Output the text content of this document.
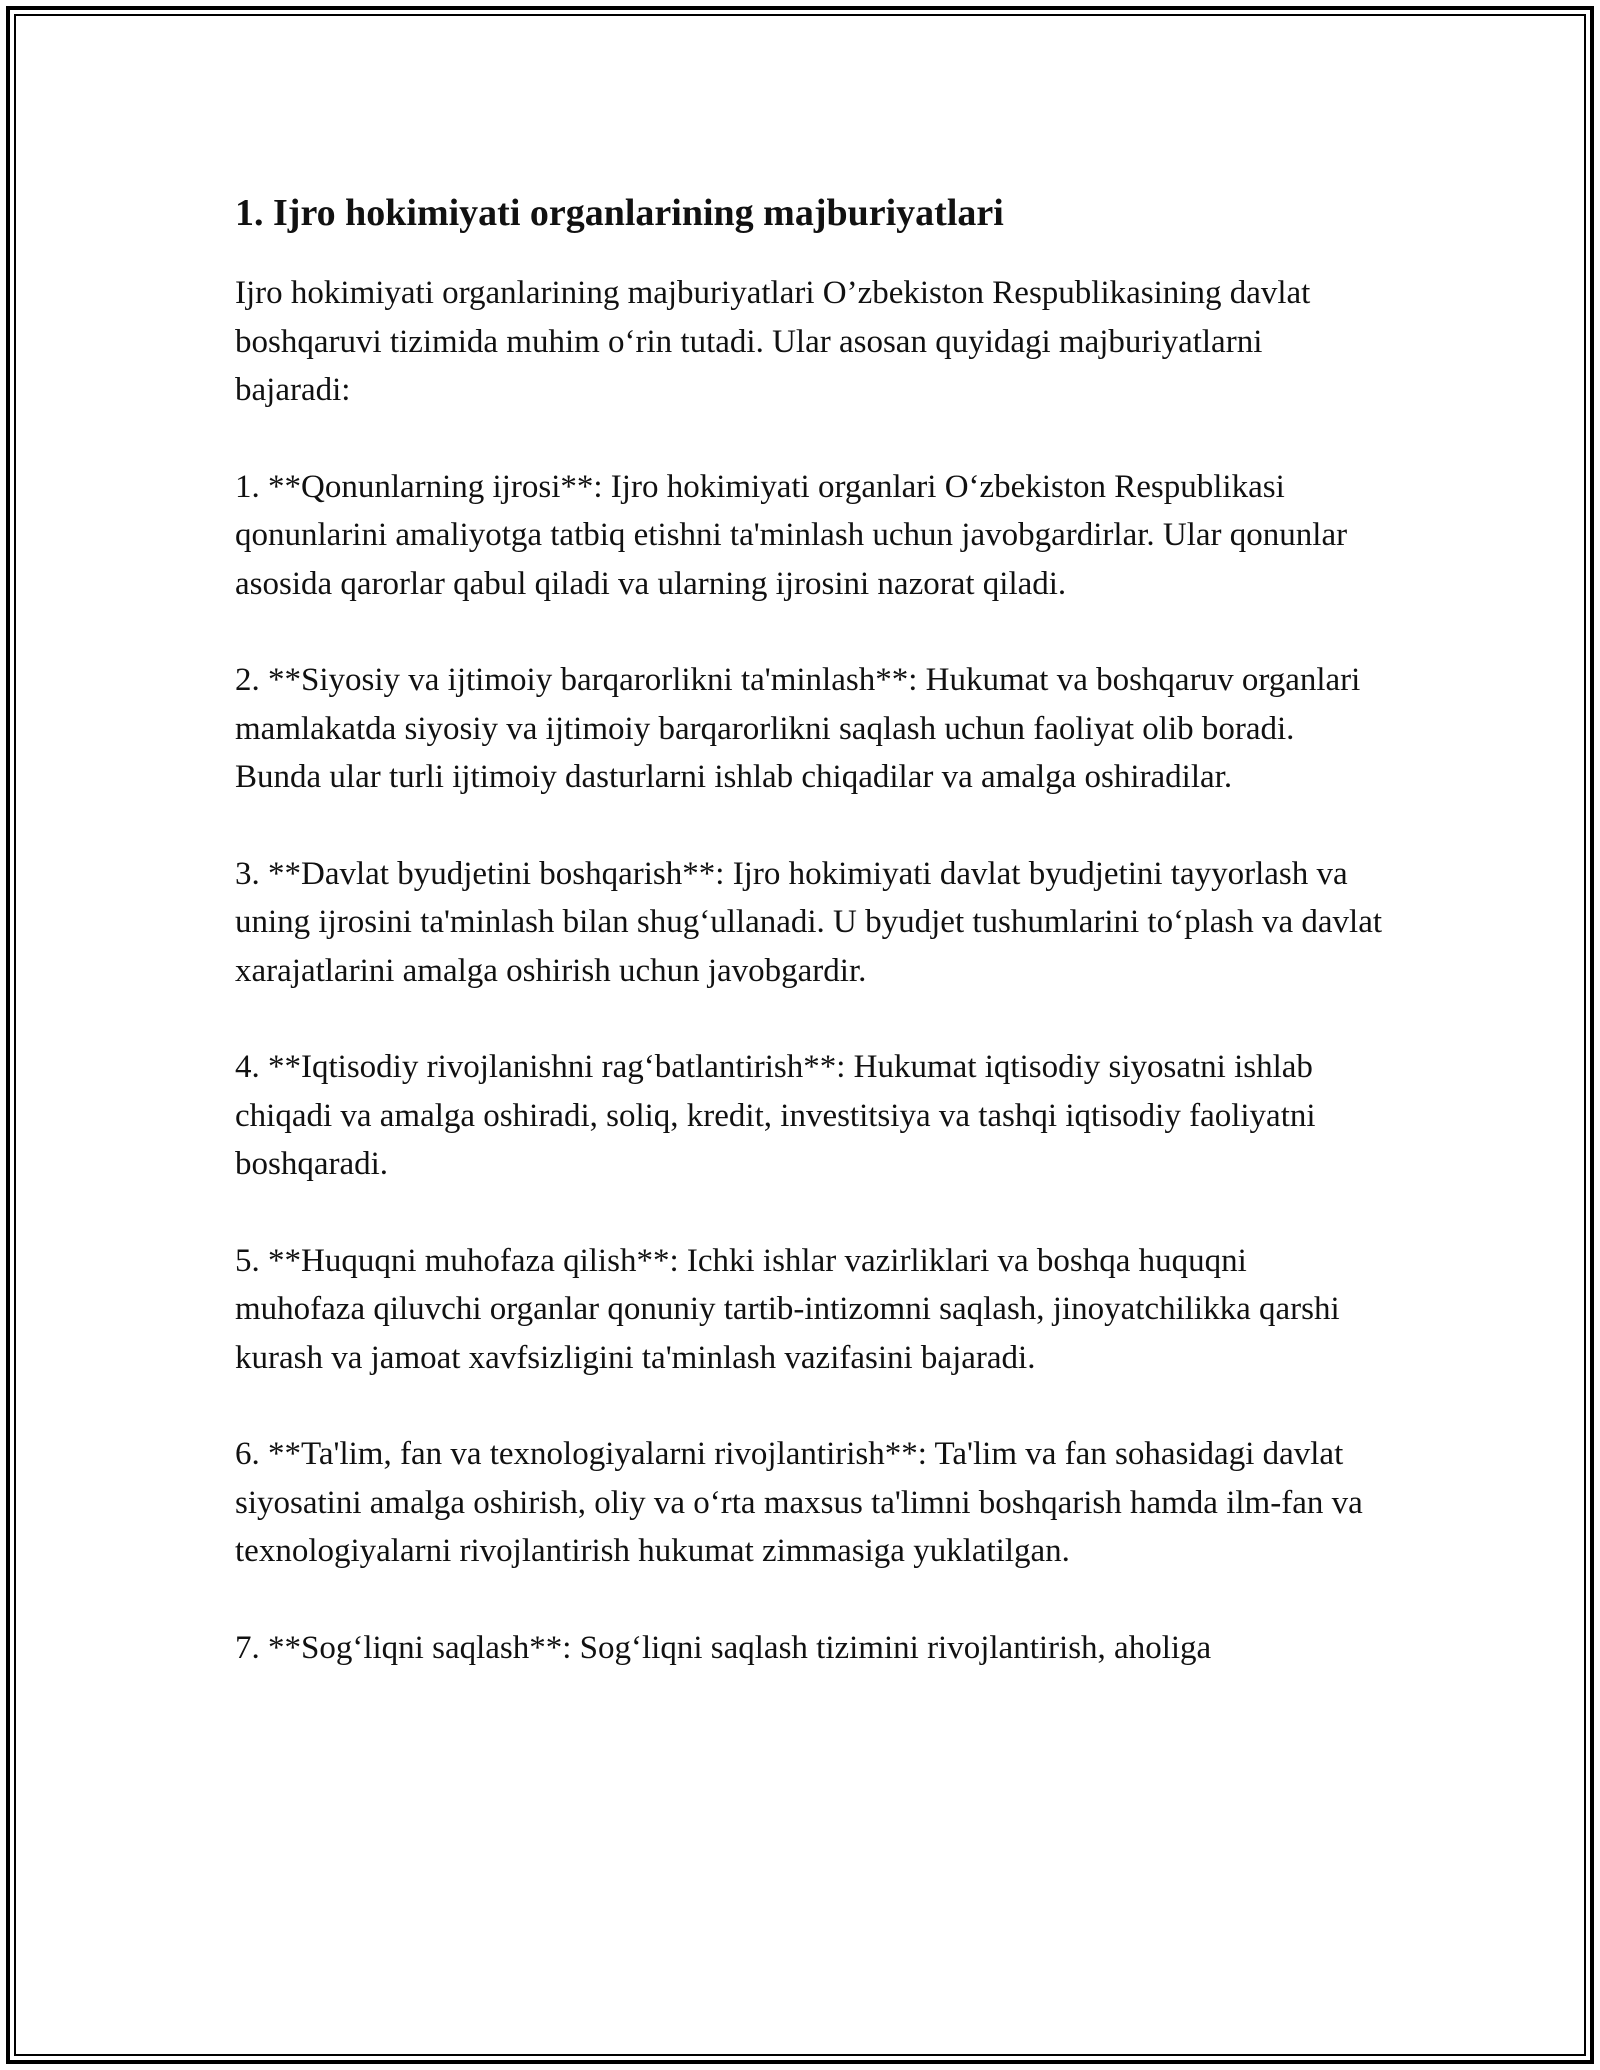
1. Ijro hokimiyati organlarining majburiyatlari

Ijro hokimiyati organlarining majburiyatlari O’zbekiston Respublikasining davlat boshqaruvi tizimida muhim o‘rin tutadi. Ular asosan quyidagi majburiyatlarni bajaradi:

1. **Qonunlarning ijrosi**: Ijro hokimiyati organlari O‘zbekiston Respublikasi qonunlarini amaliyotga tatbiq etishni ta'minlash uchun javobgardirlar. Ular qonunlar asosida qarorlar qabul qiladi va ularning ijrosini nazorat qiladi.

2. **Siyosiy va ijtimoiy barqarorlikni ta'minlash**: Hukumat va boshqaruv organlari mamlakatda siyosiy va ijtimoiy barqarorlikni saqlash uchun faoliyat olib boradi. Bunda ular turli ijtimoiy dasturlarni ishlab chiqadilar va amalga oshiradilar.

3. **Davlat byudjetini boshqarish**: Ijro hokimiyati davlat byudjetini tayyorlash va uning ijrosini ta'minlash bilan shug‘ullanadi. U byudjet tushumlarini to‘plash va davlat xarajatlarini amalga oshirish uchun javobgardir.

4. **Iqtisodiy rivojlanishni rag‘batlantirish**: Hukumat iqtisodiy siyosatni ishlab chiqadi va amalga oshiradi, soliq, kredit, investitsiya va tashqi iqtisodiy faoliyatni boshqaradi.

5. **Huquqni muhofaza qilish**: Ichki ishlar vazirliklari va boshqa huquqni muhofaza qiluvchi organlar qonuniy tartib-intizomni saqlash, jinoyatchilikka qarshi kurash va jamoat xavfsizligini ta'minlash vazifasini bajaradi.

6. **Ta'lim, fan va texnologiyalarni rivojlantirish**: Ta'lim va fan sohasidagi davlat siyosatini amalga oshirish, oliy va o‘rta maxsus ta'limni boshqarish hamda ilm-fan va texnologiyalarni rivojlantirish hukumat zimmasiga yuklatilgan.

7. **Sog‘liqni saqlash**: Sog‘liqni saqlash tizimini rivojlantirish, aholiga
